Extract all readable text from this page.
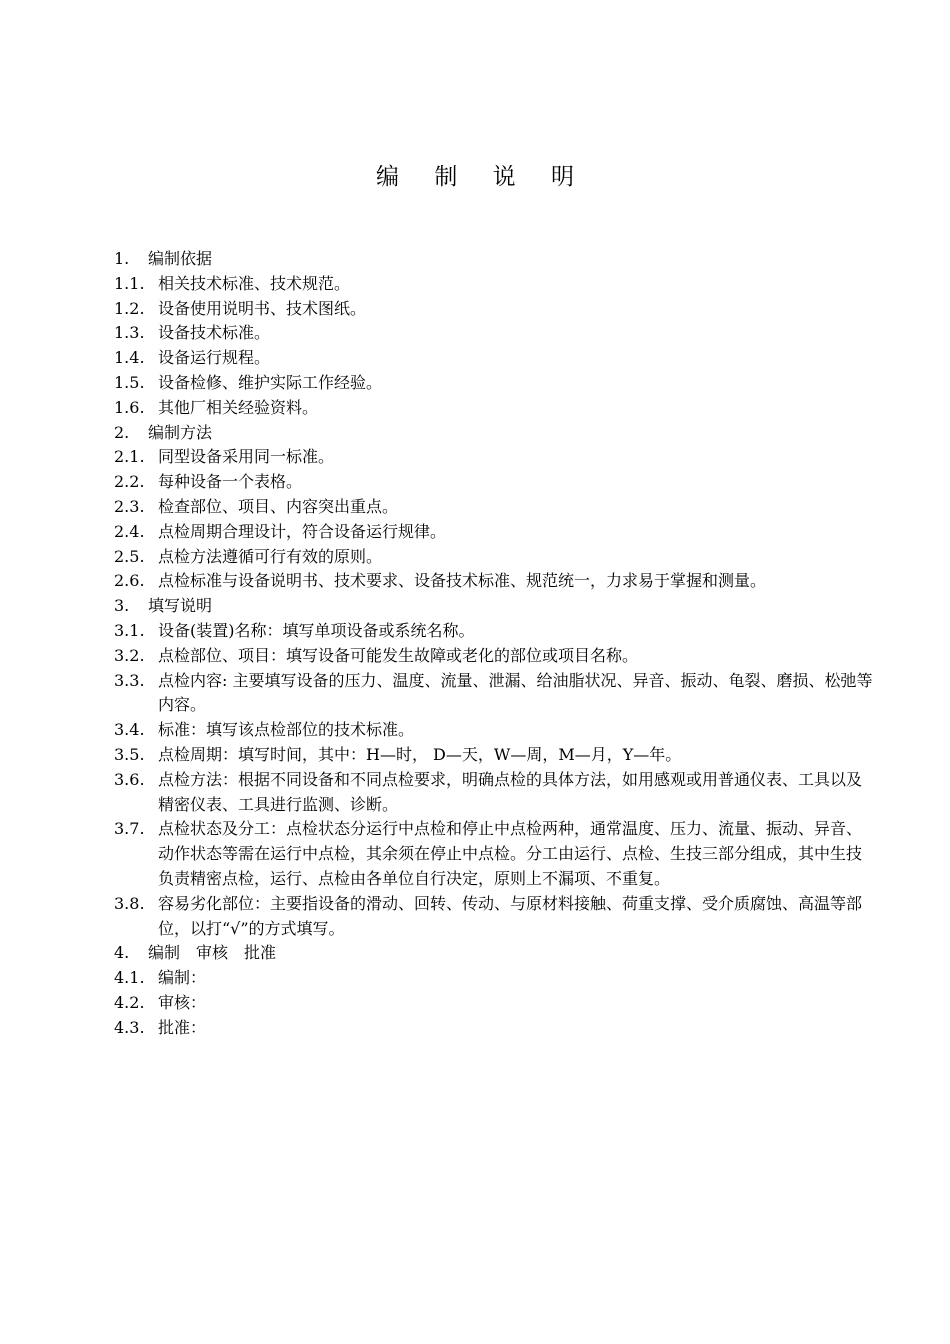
编 制 说 明
1.	编制依据
1.1. 相关技术标准、技术规范。
1.2. 设备使用说明书、技术图纸。
1.3. 设备技术标准。
1.4. 设备运行规程。
1.5. 设备检修、维护实际工作经验。
1.6. 其他厂相关经验资料。
2.	编制方法
2.1. 同型设备采用同一标准。
2.2. 每种设备一个表格。
2.3. 检查部位、项目、内容突出重点。
2.4. 点检周期合理设计，符合设备运行规律。
2.5. 点检方法遵循可行有效的原则。
2.6. 点检标准与设备说明书、技术要求、设备技术标准、规范统一，力求易于掌握和测量。
3.	填写说明
3.1. 设备(装置)名称：填写单项设备或系统名称。
3.2. 点检部位、项目：填写设备可能发生故障或老化的部位或项目名称。
3.3. 点检内容: 主要填写设备的压力、温度、流量、泄漏、给油脂状况、异音、振动、龟裂、磨损、松弛等内容。
3.4. 标准：填写该点检部位的技术标准。
3.5. 点检周期：填写时间，其中：H—时， D—天，W—周，M—月，Y—年。
3.6. 点检方法：根据不同设备和不同点检要求，明确点检的具体方法，如用感观或用普通仪表、工具以及精密仪表、工具进行监测、诊断。
3.7. 点检状态及分工：点检状态分运行中点检和停止中点检两种，通常温度、压力、流量、振动、异音、动作状态等需在运行中点检，其余须在停止中点检。分工由运行、点检、生技三部分组成，其中生技负责精密点检，运行、点检由各单位自行决定，原则上不漏项、不重复。
3.8. 容易劣化部位：主要指设备的滑动、回转、传动、与原材料接触、荷重支撑、受介质腐蚀、高温等部位，以打“√”的方式填写。
4.	编制　审核　批准
4.1. 编制：
4.2. 审核：
4.3. 批准：
